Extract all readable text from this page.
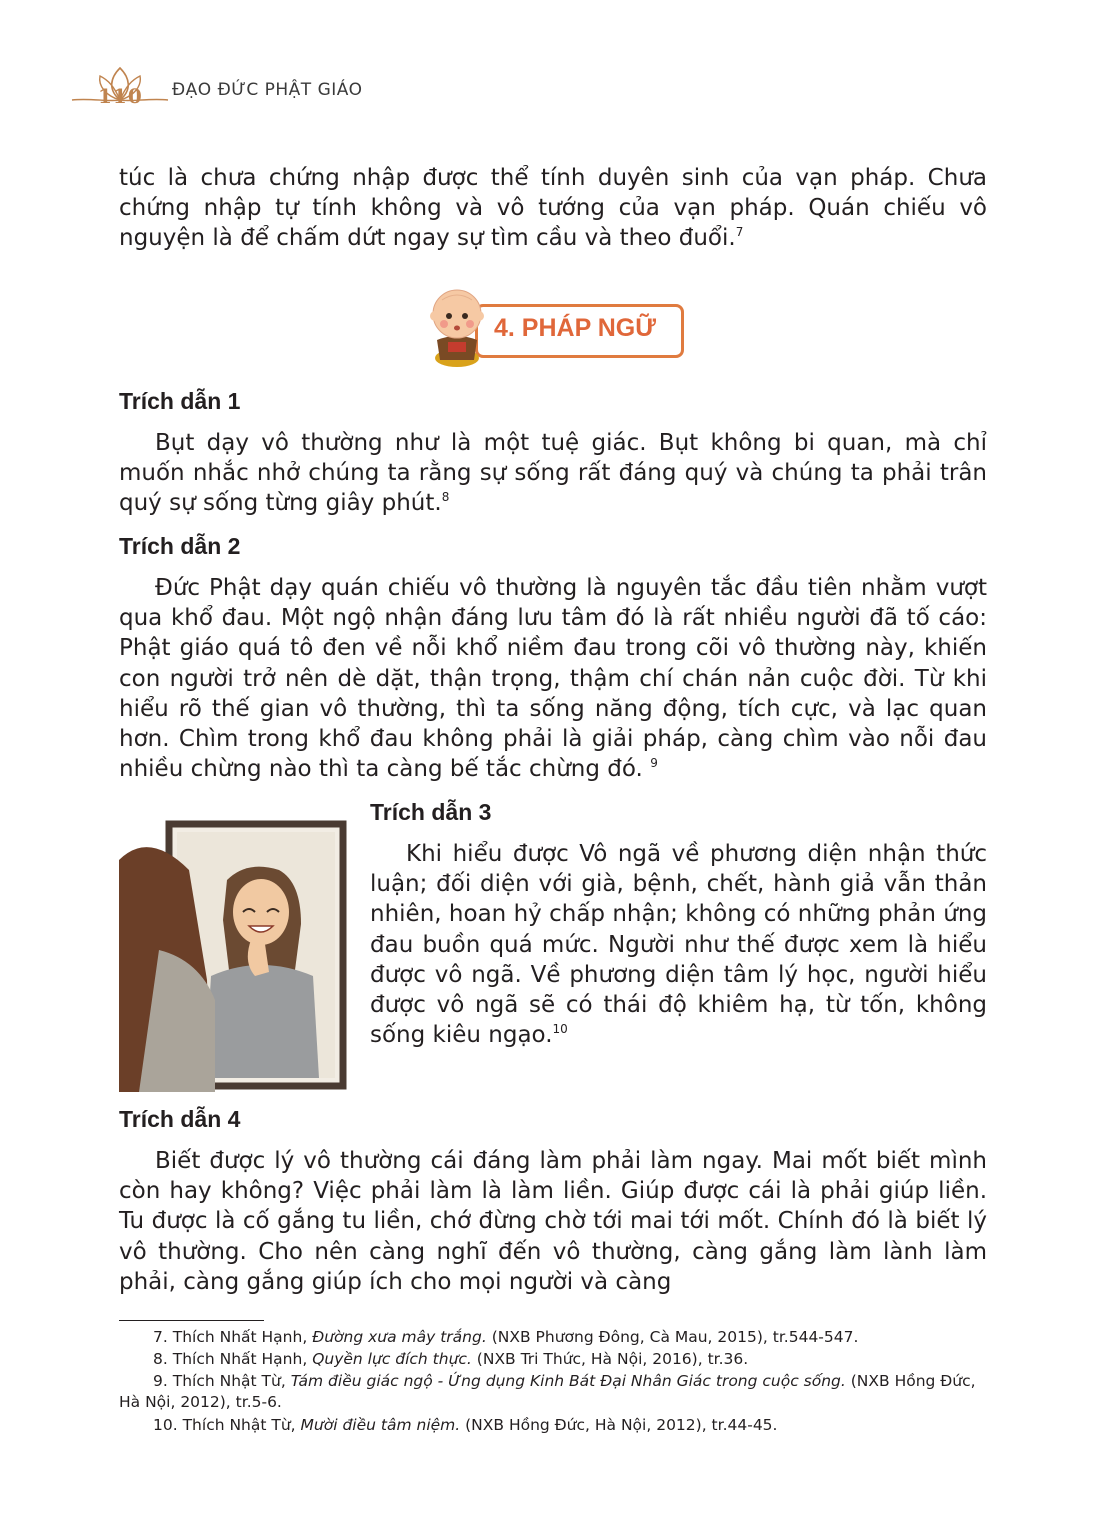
110	ĐẠO ĐỨC PHẬT GIÁO

túc là chưa chứng nhập được thể tính duyên sinh của vạn pháp. Chưa chứng nhập tự tính không và vô tướng của vạn pháp. Quán chiếu vô nguyện là để chấm dứt ngay sự tìm cầu và theo đuổi.$^7$

4. PHÁP NGỮ
Trích dẫn 1

Bụt dạy vô thường như là một tuệ giác. Bụt không bi quan, mà chỉ muốn nhắc nhở chúng ta rằng sự sống rất đáng quý và chúng ta phải trân quý sự sống từng giây phút.$^8$

Trích dẫn 2

Đức Phật dạy quán chiếu vô thường là nguyên tắc đầu tiên nhằm vượt qua khổ đau. Một ngộ nhận đáng lưu tâm đó là rất nhiều người đã tố cáo: Phật giáo quá tô đen về nỗi khổ niềm đau trong cõi vô thường này, khiến con người trở nên dè dặt, thận trọng, thậm chí chán nản cuộc đời. Từ khi hiểu rõ thế gian vô thường, thì ta sống năng động, tích cực, và lạc quan hơn. Chìm trong khổ đau không phải là giải pháp, càng chìm vào nỗi đau nhiều chừng nào thì ta càng bế tắc chừng đó. $^9$

Trích dẫn 3

Khi hiểu được Vô ngã về phương diện nhận thức luận; đối diện với già, bệnh, chết, hành giả vẫn thản nhiên, hoan hỷ chấp nhận; không có những phản ứng đau buồn quá mức. Người như thế được xem là hiểu được vô ngã. Về phương diện tâm lý học, người hiểu được vô ngã sẽ có thái độ khiêm hạ, từ tốn, không sống kiêu ngạo.$^{10}$

Trích dẫn 4

Biết được lý vô thường cái đáng làm phải làm ngay. Mai mốt biết mình còn hay không? Việc phải làm là làm liền. Giúp được cái là phải giúp liền. Tu được là cố gắng tu liền, chớ đừng chờ tới mai tới mốt. Chính đó là biết lý vô thường. Cho nên càng nghĩ đến vô thường, càng gắng làm lành làm phải, càng gắng giúp ích cho mọi người và càng

7. Thích Nhất Hạnh, Đường xưa mây trắng. (NXB Phương Đông, Cà Mau, 2015), tr.544-547.

8. Thích Nhất Hạnh, Quyền lực đích thực. (NXB Tri Thức, Hà Nội, 2016), tr.36.

9. Thích Nhật Từ, Tám điều giác ngộ - Ứng dụng Kinh Bát Đại Nhân Giác trong cuộc sống. (NXB Hồng Đức, Hà Nội, 2012), tr.5-6.

10. Thích Nhật Từ, Mười điều tâm niệm. (NXB Hồng Đức, Hà Nội, 2012), tr.44-45.
